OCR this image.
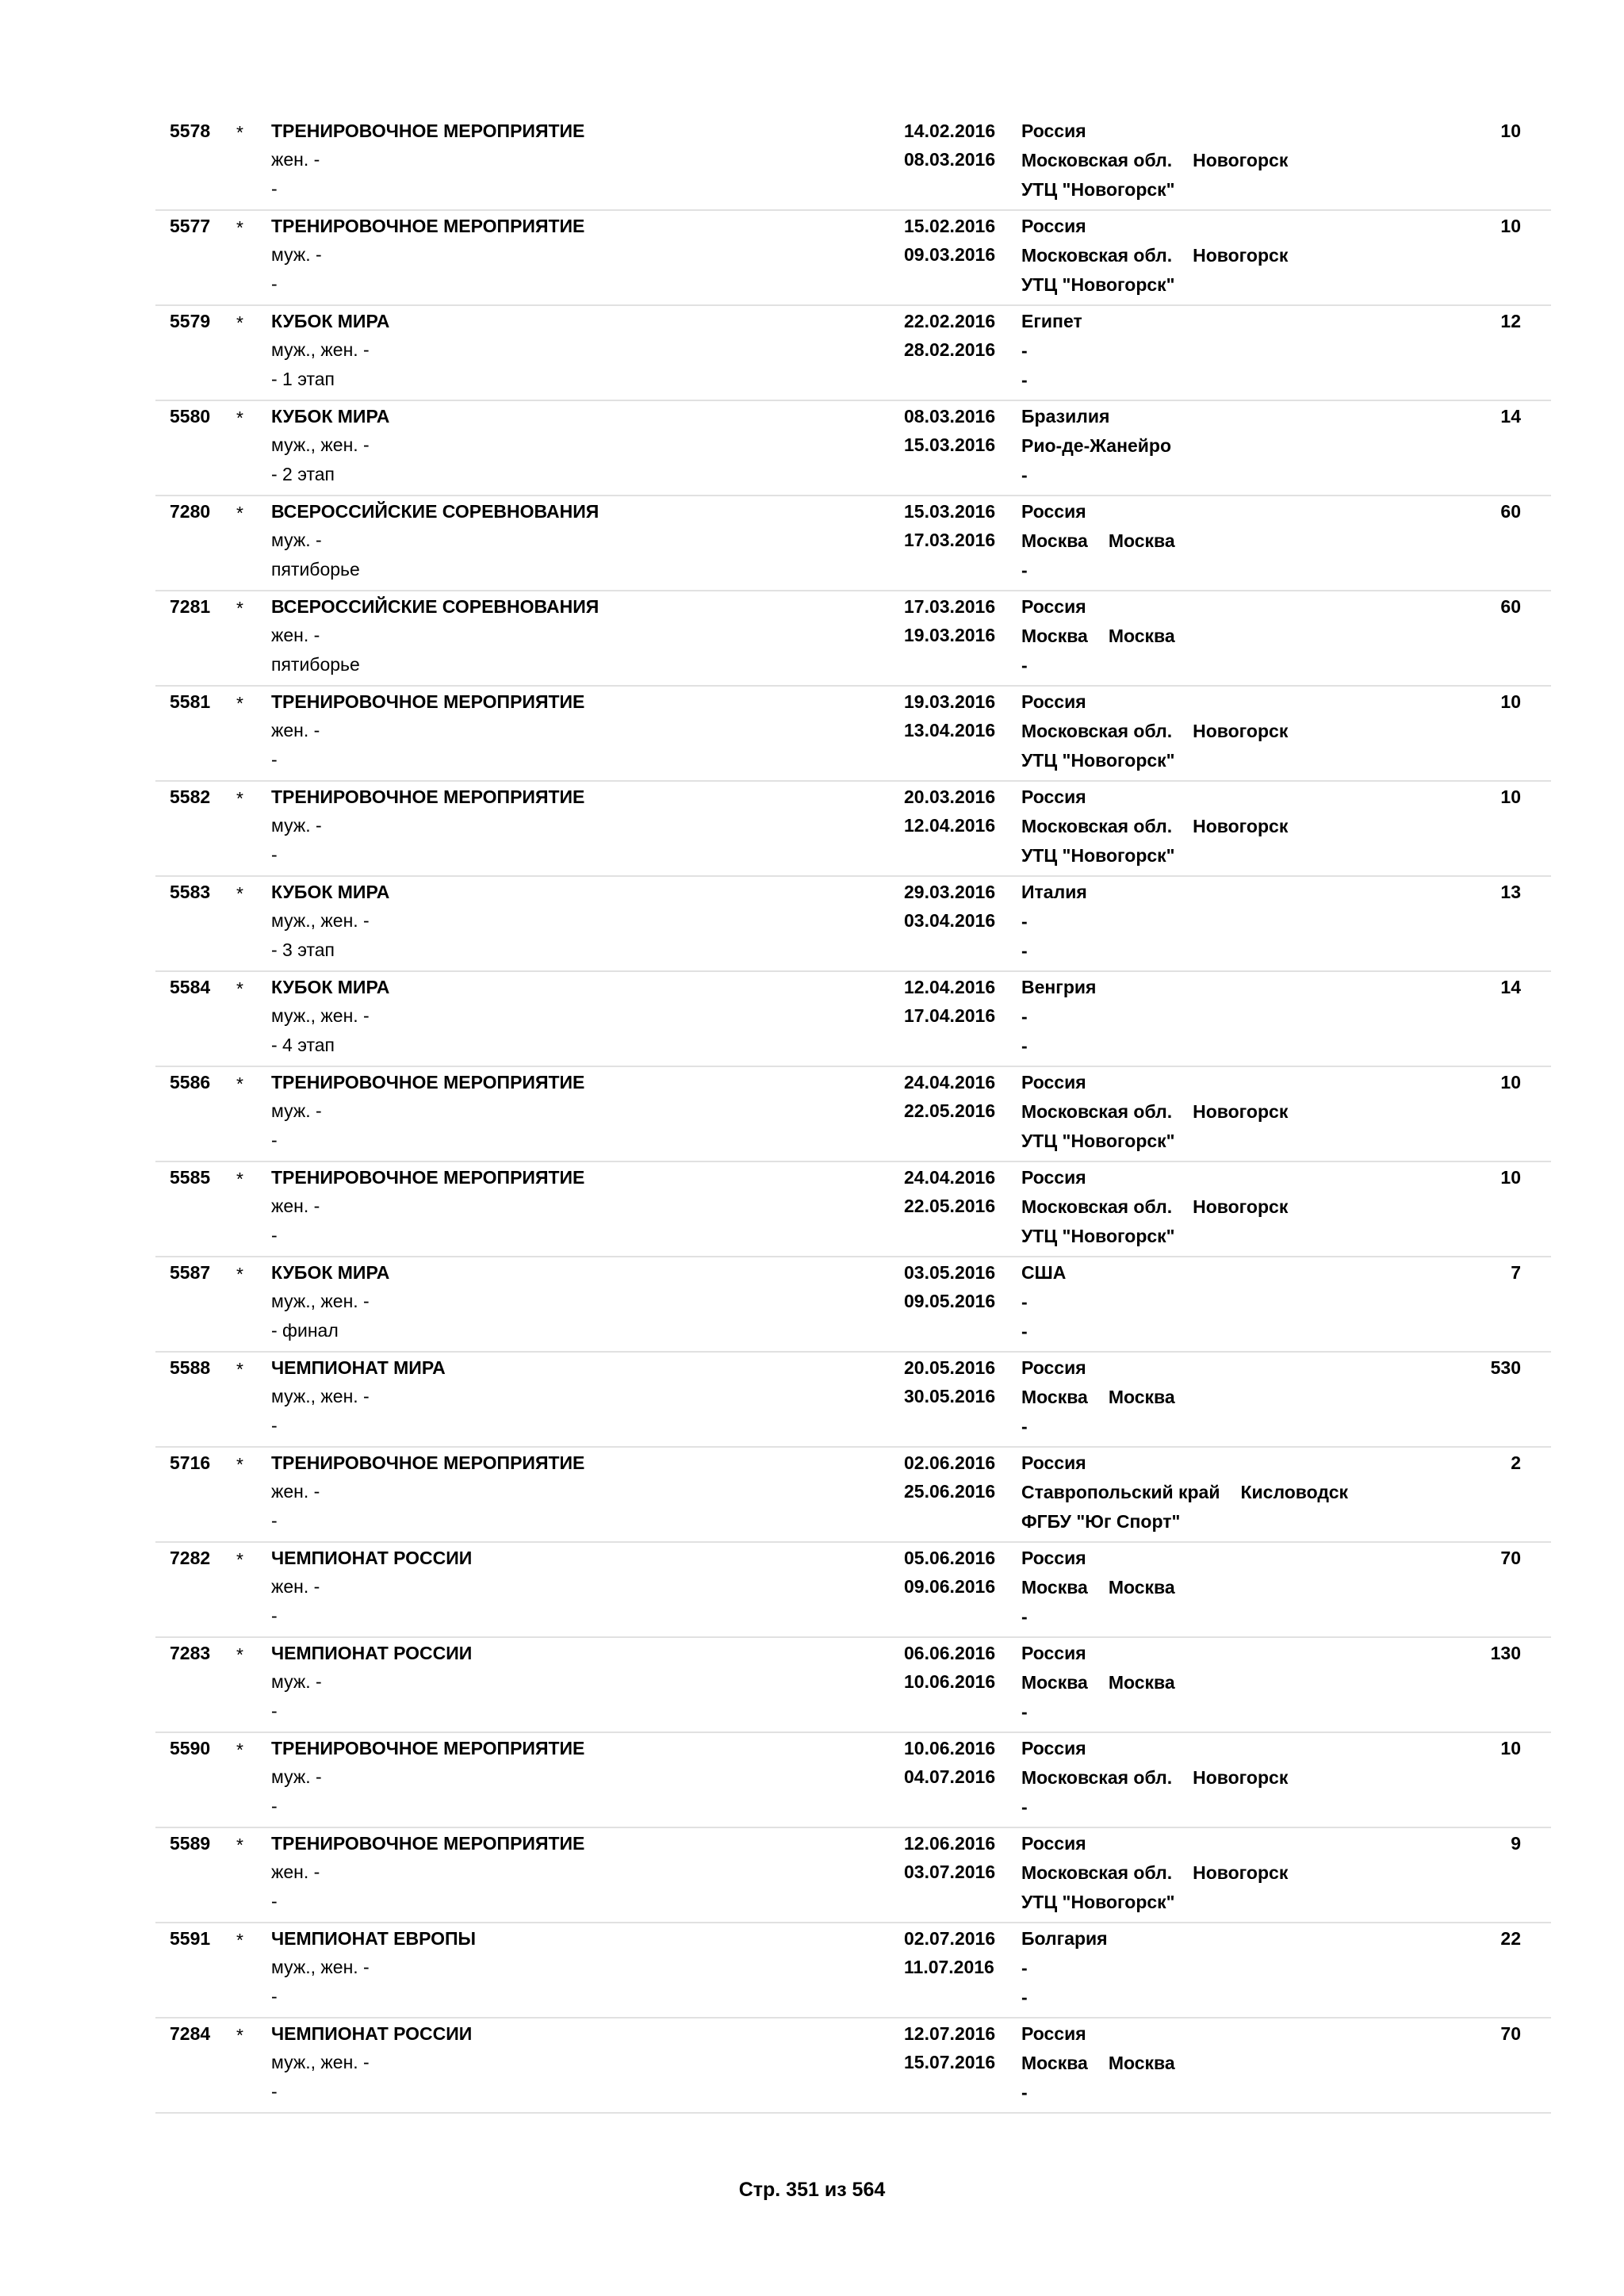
5578 * ТРЕНИРОВОЧНОЕ МЕРОПРИЯТИЕ
жен. -
-
14.02.2016
08.03.2016
Россия
УТЦ "Новогорск"
10
Московская обл. Новогорск
5577 * ТРЕНИРОВОЧНОЕ МЕРОПРИЯТИЕ
муж. -
-
15.02.2016
09.03.2016
Россия
УТЦ "Новогорск"
10
Московская обл. Новогорск
5579 * КУБОК МИРА
муж., жен. -
- 1 этап
22.02.2016
28.02.2016
Египет
-
12
-
5580 * КУБОК МИРА
муж., жен. -
- 2 этап
08.03.2016
15.03.2016
Бразилия
-
14
Рио-де-Жанейро
7280 * ВСЕРОССИЙСКИЕ СОРЕВНОВАНИЯ
муж. -
пятиборье
15.03.2016
17.03.2016
Россия
-
60
Москва Москва
7281 * ВСЕРОССИЙСКИЕ СОРЕВНОВАНИЯ
жен. -
пятиборье
17.03.2016
19.03.2016
Россия
-
60
Москва Москва
5581 * ТРЕНИРОВОЧНОЕ МЕРОПРИЯТИЕ
жен. -
-
19.03.2016
13.04.2016
Россия
УТЦ "Новогорск"
10
Московская обл. Новогорск
5582 * ТРЕНИРОВОЧНОЕ МЕРОПРИЯТИЕ
муж. -
-
20.03.2016
12.04.2016
Россия
УТЦ "Новогорск"
10
Московская обл. Новогорск
5583 * КУБОК МИРА
муж., жен. -
- 3 этап
29.03.2016
03.04.2016
Италия
-
13
-
5584 * КУБОК МИРА
муж., жен. -
- 4 этап
12.04.2016
17.04.2016
Венгрия
-
14
-
5586 * ТРЕНИРОВОЧНОЕ МЕРОПРИЯТИЕ
муж. -
-
24.04.2016
22.05.2016
Россия
УТЦ "Новогорск"
10
Московская обл. Новогорск
5585 * ТРЕНИРОВОЧНОЕ МЕРОПРИЯТИЕ
жен. -
-
24.04.2016
22.05.2016
Россия
УТЦ "Новогорск"
10
Московская обл. Новогорск
5587 * КУБОК МИРА
муж., жен. -
- финал
03.05.2016
09.05.2016
США
-
7
-
5588 * ЧЕМПИОНАТ МИРА
муж., жен. -
-
20.05.2016
30.05.2016
Россия
-
530
Москва Москва
5716 * ТРЕНИРОВОЧНОЕ МЕРОПРИЯТИЕ
жен. -
-
02.06.2016
25.06.2016
Россия
ФГБУ "Юг Спорт"
2
Ставропольский край Кисловодск
7282 * ЧЕМПИОНАТ РОССИИ
жен. -
-
05.06.2016
09.06.2016
Россия
-
70
Москва Москва
7283 * ЧЕМПИОНАТ РОССИИ
муж. -
-
06.06.2016
10.06.2016
Россия
-
130
Москва Москва
5590 * ТРЕНИРОВОЧНОЕ МЕРОПРИЯТИЕ
муж. -
-
10.06.2016
04.07.2016
Россия
-
10
Московская обл. Новогорск
5589 * ТРЕНИРОВОЧНОЕ МЕРОПРИЯТИЕ
жен. -
-
12.06.2016
03.07.2016
Россия
УТЦ "Новогорск"
9
Московская обл. Новогорск
5591 * ЧЕМПИОНАТ ЕВРОПЫ
муж., жен. -
-
02.07.2016
11.07.2016
Болгария
-
22
-
7284 * ЧЕМПИОНАТ РОССИИ
муж., жен. -
-
12.07.2016
15.07.2016
Россия
-
70
Москва Москва
Стр. 351 из 564
